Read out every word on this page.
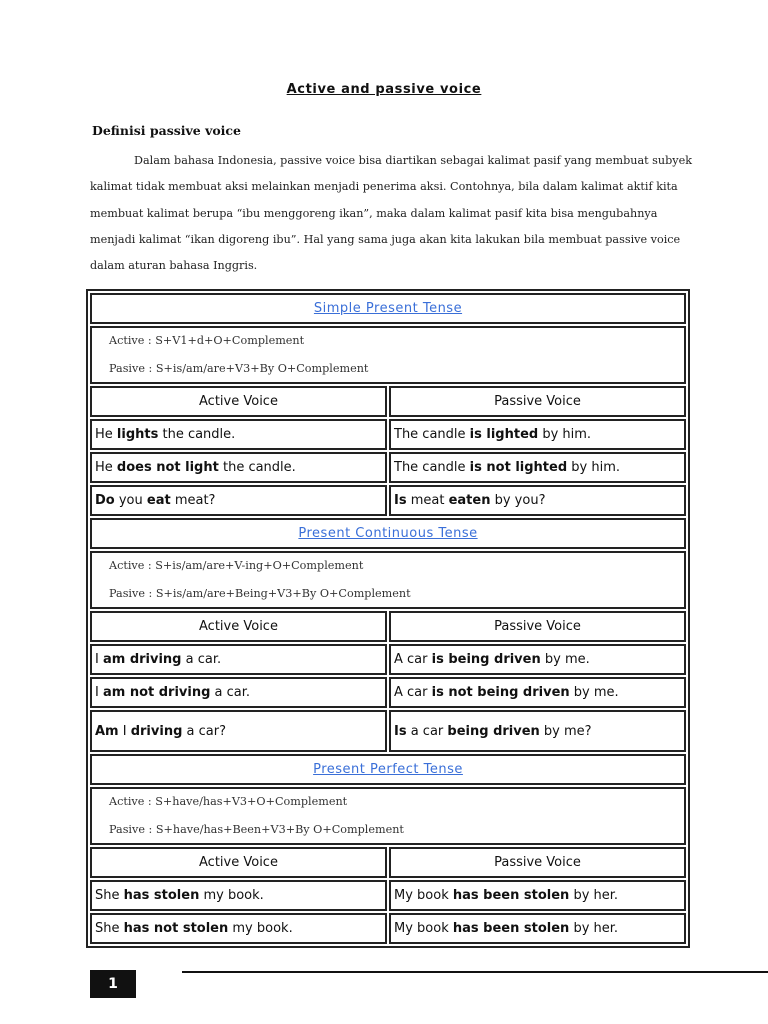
Active and passive voice
Definisi passive voice
Dalam bahasa Indonesia, passive voice bisa diartikan sebagai kalimat pasif yang membuat subyek
kalimat tidak membuat aksi melainkan menjadi penerima aksi. Contohnya, bila dalam kalimat aktif kita
membuat kalimat berupa “ibu menggoreng ikan”, maka dalam kalimat pasif kita bisa mengubahnya
menjadi kalimat “ikan digoreng ibu”. Hal yang sama juga akan kita lakukan bila membuat passive voice
dalam aturan bahasa Inggris.
Simple Present Tense
Active : S+V1+d+O+Complement
Pasive : S+is/am/are+V3+By O+Complement
Active Voice	Passive Voice
He lights the candle.	The candle is lighted by him.
He does not light the candle.	The candle is not lighted by him.
Do you eat meat?	Is meat eaten by you?
Present Continuous Tense
Active : S+is/am/are+V-ing+O+Complement
Pasive : S+is/am/are+Being+V3+By O+Complement
Active Voice	Passive Voice
I am driving a car.	A car is being driven by me.
I am not driving a car.	A car is not being driven by me.
Am I driving a car?	Is a car being driven by me?
Present Perfect Tense
Active : S+have/has+V3+O+Complement
Pasive : S+have/has+Been+V3+By O+Complement
Active Voice	Passive Voice
She has stolen my book.	My book has been stolen by her.
She has not stolen my book.	My book has been stolen by her.
1
